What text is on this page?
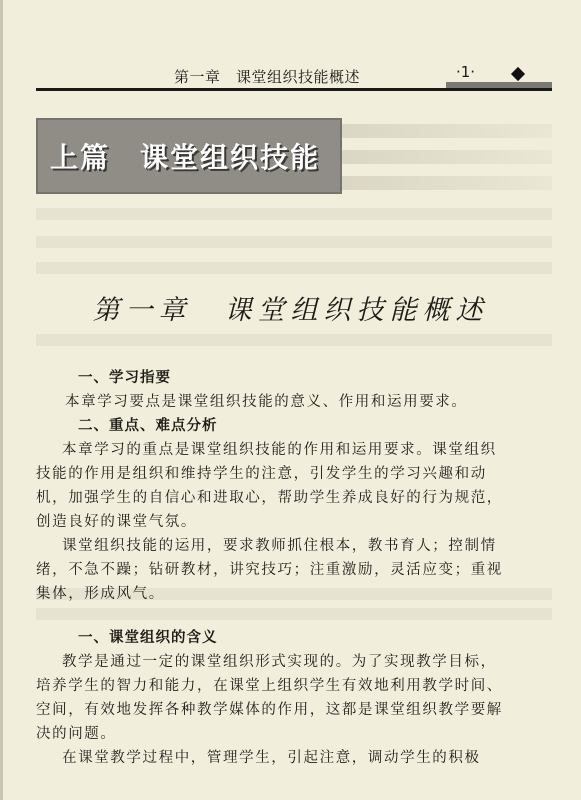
第一章　课堂组织技能概述	·1·
上篇　课堂组织技能
第一章　课堂组织技能概述
一、学习指要
本章学习要点是课堂组织技能的意义、作用和运用要求。
二、重点、难点分析
本章学习的重点是课堂组织技能的作用和运用要求。课堂组织
技能的作用是组织和维持学生的注意，引发学生的学习兴趣和动
机，加强学生的自信心和进取心，帮助学生养成良好的行为规范，
创造良好的课堂气氛。
课堂组织技能的运用，要求教师抓住根本，教书育人；控制情
绪，不急不躁；钻研教材，讲究技巧；注重激励，灵活应变；重视
集体，形成风气。
一、课堂组织的含义
教学是通过一定的课堂组织形式实现的。为了实现教学目标，
培养学生的智力和能力，在课堂上组织学生有效地利用教学时间、
空间，有效地发挥各种教学媒体的作用，这都是课堂组织教学要解
决的问题。
在课堂教学过程中，管理学生，引起注意，调动学生的积极
